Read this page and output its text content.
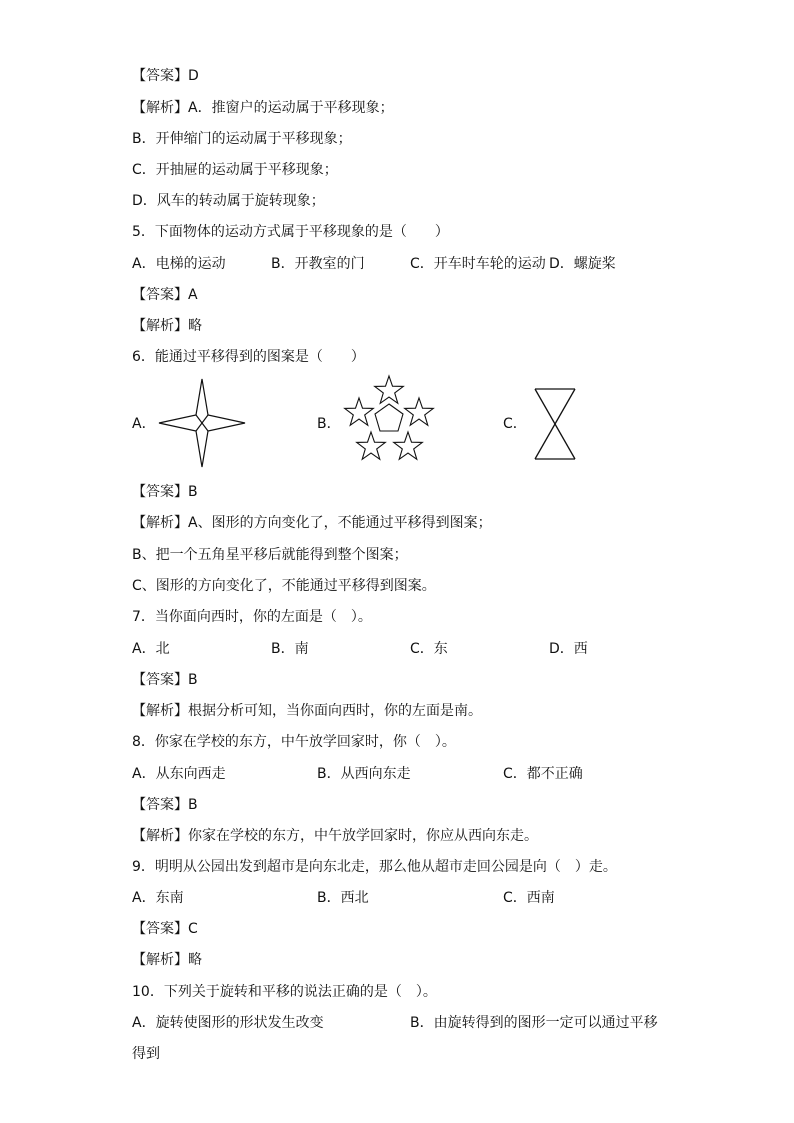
【答案】D
【解析】A．推窗户的运动属于平移现象；
B．开伸缩门的运动属于平移现象；
C．开抽屉的运动属于平移现象；
D．风车的转动属于旋转现象；
5．下面物体的运动方式属于平移现象的是（　　）
A．电梯的运动	B．开教室的门	C．开车时车轮的运动 D．螺旋桨
【答案】A
【解析】略
6．能通过平移得到的图案是（　　）
A．	B．	C．
【答案】B
【解析】A、图形的方向变化了，不能通过平移得到图案；
B、把一个五角星平移后就能得到整个图案；
C、图形的方向变化了，不能通过平移得到图案。
7．当你面向西时，你的左面是（　）。
A．北	B．南	C．东	D．西
【答案】B
【解析】根据分析可知，当你面向西时，你的左面是南。
8．你家在学校的东方，中午放学回家时，你（　）。
A．从东向西走	B．从西向东走	C．都不正确
【答案】B
【解析】你家在学校的东方，中午放学回家时，你应从西向东走。
9．明明从公园出发到超市是向东北走，那么他从超市走回公园是向（　）走。
A．东南	B．西北	C．西南
【答案】C
【解析】略
10．下列关于旋转和平移的说法正确的是（　）。
A．旋转使图形的形状发生改变	B．由旋转得到的图形一定可以通过平移
得到
